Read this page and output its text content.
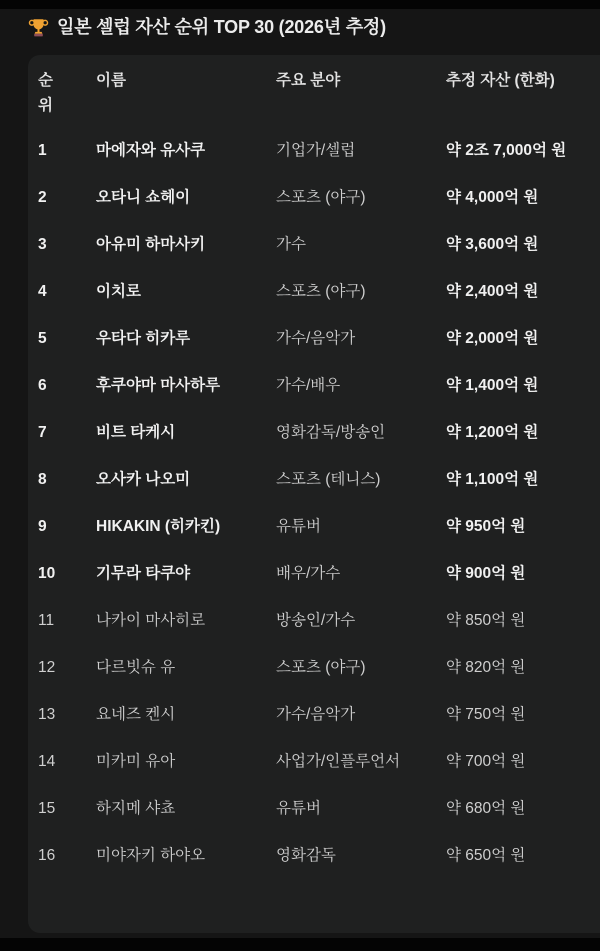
일본 셀럽 자산 순위 TOP 30 (2026년 추정)
순위	이름	주요 분야	추정 자산 (한화)
1	마에자와 유사쿠	기업가/셀럽	약 2조 7,000억 원
2	오타니 쇼헤이	스포츠 (야구)	약 4,000억 원
3	아유미 하마사키	가수	약 3,600억 원
4	이치로	스포츠 (야구)	약 2,400억 원
5	우타다 히카루	가수/음악가	약 2,000억 원
6	후쿠야마 마사하루	가수/배우	약 1,400억 원
7	비트 타케시	영화감독/방송인	약 1,200억 원
8	오사카 나오미	스포츠 (테니스)	약 1,100억 원
9	HIKAKIN (히카킨)	유튜버	약 950억 원
10	기무라 타쿠야	배우/가수	약 900억 원
11	나카이 마사히로	방송인/가수	약 850억 원
12	다르빗슈 유	스포츠 (야구)	약 820억 원
13	요네즈 켄시	가수/음악가	약 750억 원
14	미카미 유아	사업가/인플루언서	약 700억 원
15	하지메 샤쵸	유튜버	약 680억 원
16	미야자키 하야오	영화감독	약 650억 원
